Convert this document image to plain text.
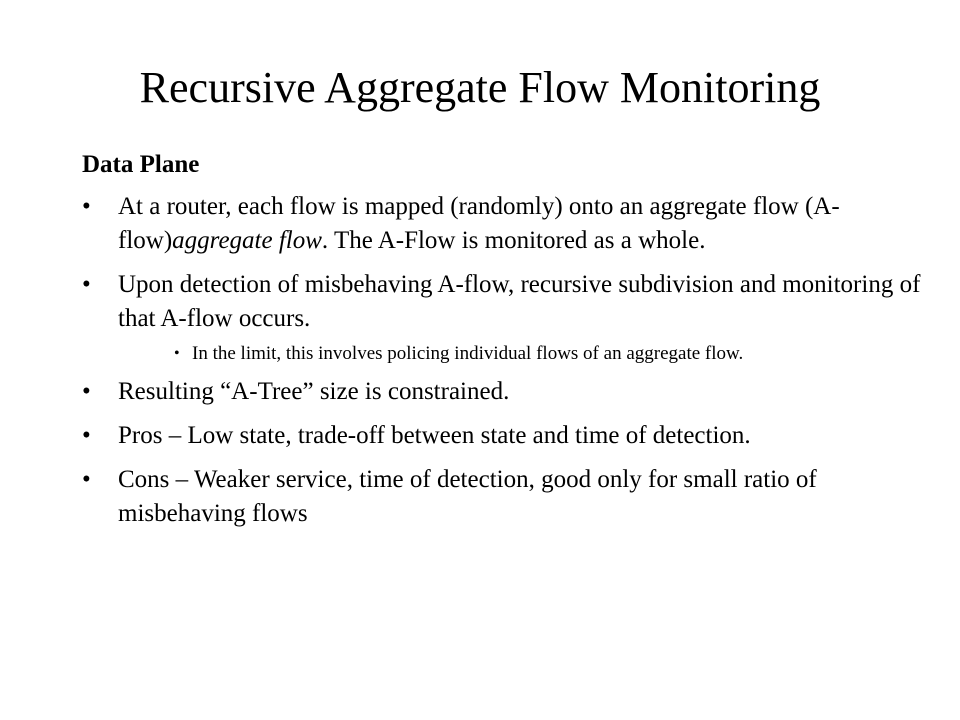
Recursive Aggregate Flow Monitoring
Data Plane
• At a router, each flow is mapped (randomly) onto an aggregate flow (A-flow)aggregate flow. The A-Flow is monitored as a whole.
• Upon detection of misbehaving A-flow, recursive subdivision and monitoring of that A-flow occurs.
• In the limit, this involves policing individual flows of an aggregate flow.
• Resulting “A-Tree” size is constrained.
• Pros – Low state, trade-off between state and time of detection.
• Cons – Weaker service, time of detection, good only for small ratio of misbehaving flows
